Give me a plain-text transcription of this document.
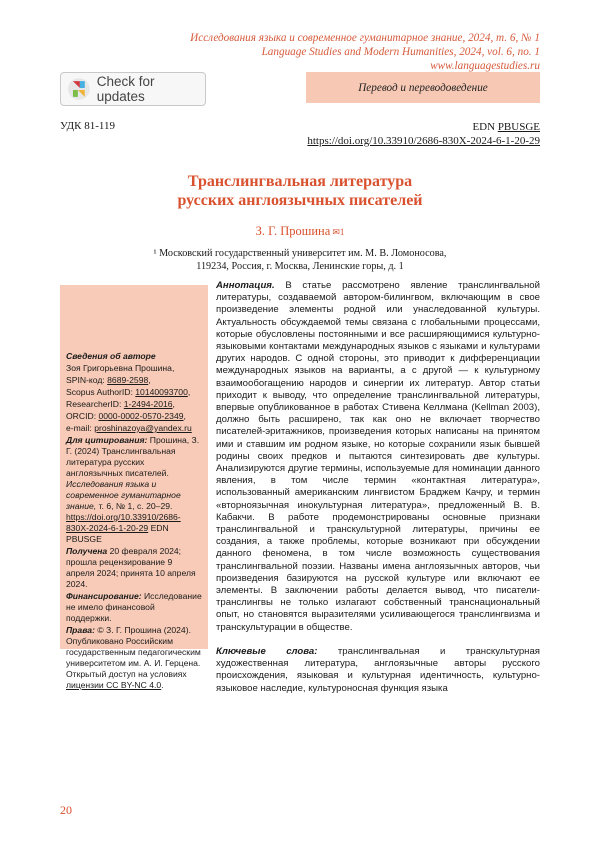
Исследования языка и современное гуманитарное знание, 2024, т. 6, № 1
Language Studies and Modern Humanities, 2024, vol. 6, no. 1
www.languagestudies.ru
Check for updates
Перевод и переводоведение
УДК 81-119	EDN PBUSGE
https://doi.org/10.33910/2686-830X-2024-6-1-20-29
Транслингвальная литература
русских англоязычных писателей
З. Г. Прошина ✉1
¹ Московский государственный университет им. М. В. Ломоносова,
119234, Россия, г. Москва, Ленинские горы, д. 1

Сведения об авторе

Зоя Григорьевна Прошина,

SPIN-код: 8689-2598,

Scopus AuthorID: 10140093700,

ResearcherID: 1-2494-2016,

ORCID: 0000-0002-0570-2349,

e-mail: proshinazoya@yandex.ru

Для цитирования: Прошина, З. Г. (2024) Транслингвальная литература русских англоязычных писателей. Исследования языка и современное гуманитарное знание, т. 6, № 1, с. 20–29. https://doi.org/10.33910/2686-830X-2024-6-1-20-29 EDN PBUSGE

Получена 20 февраля 2024; прошла рецензирование 9 апреля 2024; принята 10 апреля 2024.

Финансирование: Исследование не имело финансовой поддержки.

Права: © З. Г. Прошина (2024). Опубликовано Российским государственным педагогическим университетом им. А. И. Герцена. Открытый доступ на условиях лицензии CC BY-NC 4.0.

Аннотация. В статье рассмотрено явление транслингвальной литературы, создаваемой автором-билингвом, включающим в свое произведение элементы родной или унаследованной культуры. Актуальность обсуждаемой темы связана с глобальными процессами, которые обусловлены постоянными и все расширяющимися культурно-языковыми контактами международных языков с языками и культурами других народов. С одной стороны, это приводит к дифференциации международных языков на варианты, а с другой — к культурному взаимообогащению народов и синергии их литератур. Автор статьи приходит к выводу, что определение транслингвальной литературы, впервые опубликованное в работах Стивена Келлмана (Kellman 2003), должно быть расширено, так как оно не включает творчество писателей-эритажников, произведения которых написаны на принятом ими и ставшим им родном языке, но которые сохранили язык бывшей родины своих предков и пытаются синтезировать две культуры. Анализируются другие термины, используемые для номинации данного явления, в том числе термин «контактная литература», использованный американским лингвистом Браджем Качру, и термин «вторноязычная инокультурная литература», предложенный В. В. Кабакчи. В работе продемонстрированы основные признаки транслингвальной и транскультурной литературы, причины ее создания, а также проблемы, которые возникают при обсуждении данного феномена, в том числе возможность существования транслингвальной поэзии. Названы имена англоязычных авторов, чьи произведения базируются на русской культуре или включают ее элементы. В заключении работы делается вывод, что писатели-транслингвы не только излагают собственный транснациональный опыт, но становятся выразителями усиливающегося транслингвизма и транскультурации в обществе.

Ключевые слова: транслингвальная и транскультурная художественная литература, англоязычные авторы русского происхождения, языковая и культурная идентичность, культурно-языковое наследие, культуроносная функция языка

20
